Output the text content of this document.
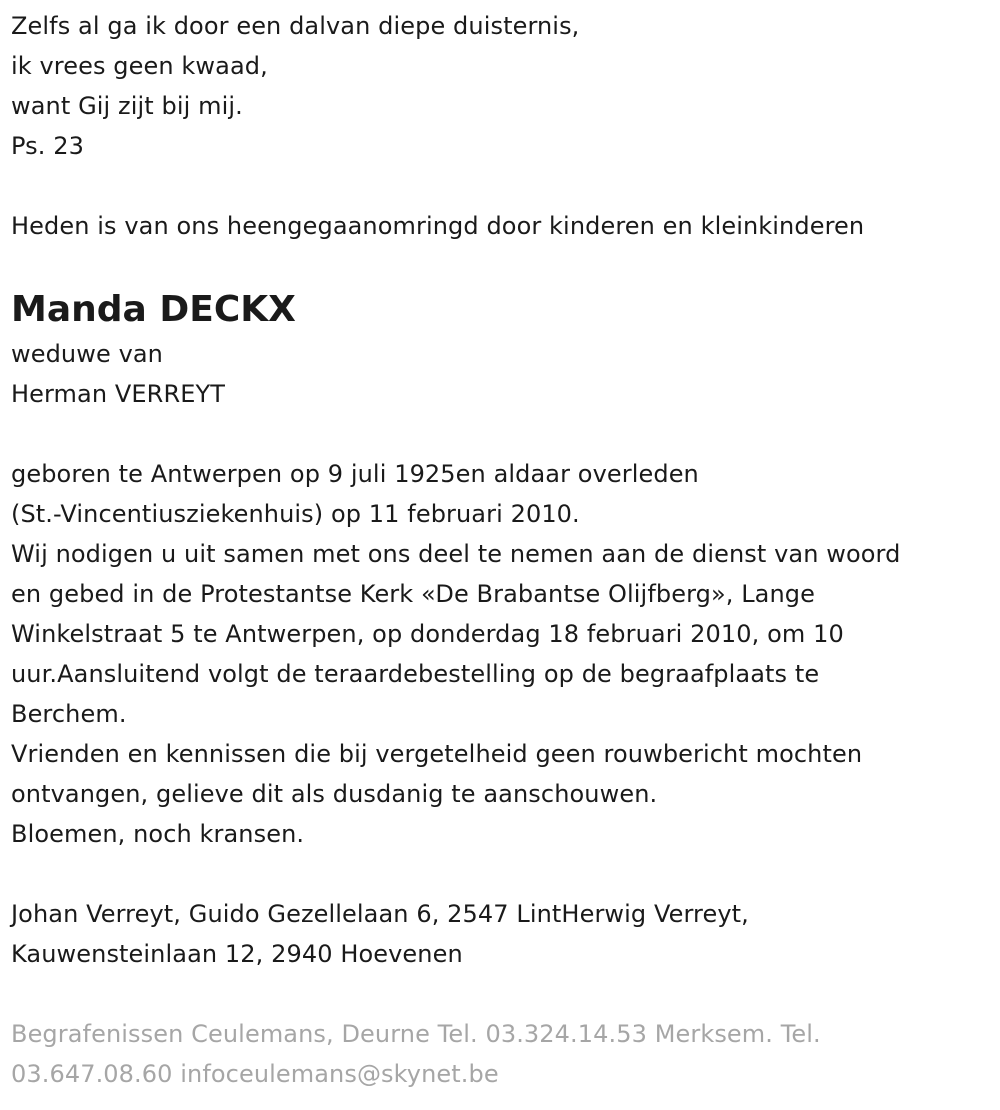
Zelfs al ga ik door een dalvan diepe duisternis,
ik vrees geen kwaad,
want Gij zijt bij mij.
Ps. 23
Heden is van ons heengegaanomringd door kinderen en kleinkinderen
Manda DECKX
weduwe van
Herman VERREYT
geboren te Antwerpen op 9 juli 1925en aldaar overleden
(St.-Vincentiusziekenhuis) op 11 februari 2010.
Wij nodigen u uit samen met ons deel te nemen aan de dienst van woord
en gebed in de Protestantse Kerk «De Brabantse Olijfberg», Lange
Winkelstraat 5 te Antwerpen, op donderdag 18 februari 2010, om 10
uur.Aansluitend volgt de teraardebestelling op de begraafplaats te
Berchem.
Vrienden en kennissen die bij vergetelheid geen rouwbericht mochten
ontvangen, gelieve dit als dusdanig te aanschouwen.
Bloemen, noch kransen.
Johan Verreyt, Guido Gezellelaan 6, 2547 LintHerwig Verreyt,
Kauwensteinlaan 12, 2940 Hoevenen
Begrafenissen Ceulemans, Deurne Tel. 03.324.14.53 Merksem. Tel.
03.647.08.60 infoceulemans@skynet.be
